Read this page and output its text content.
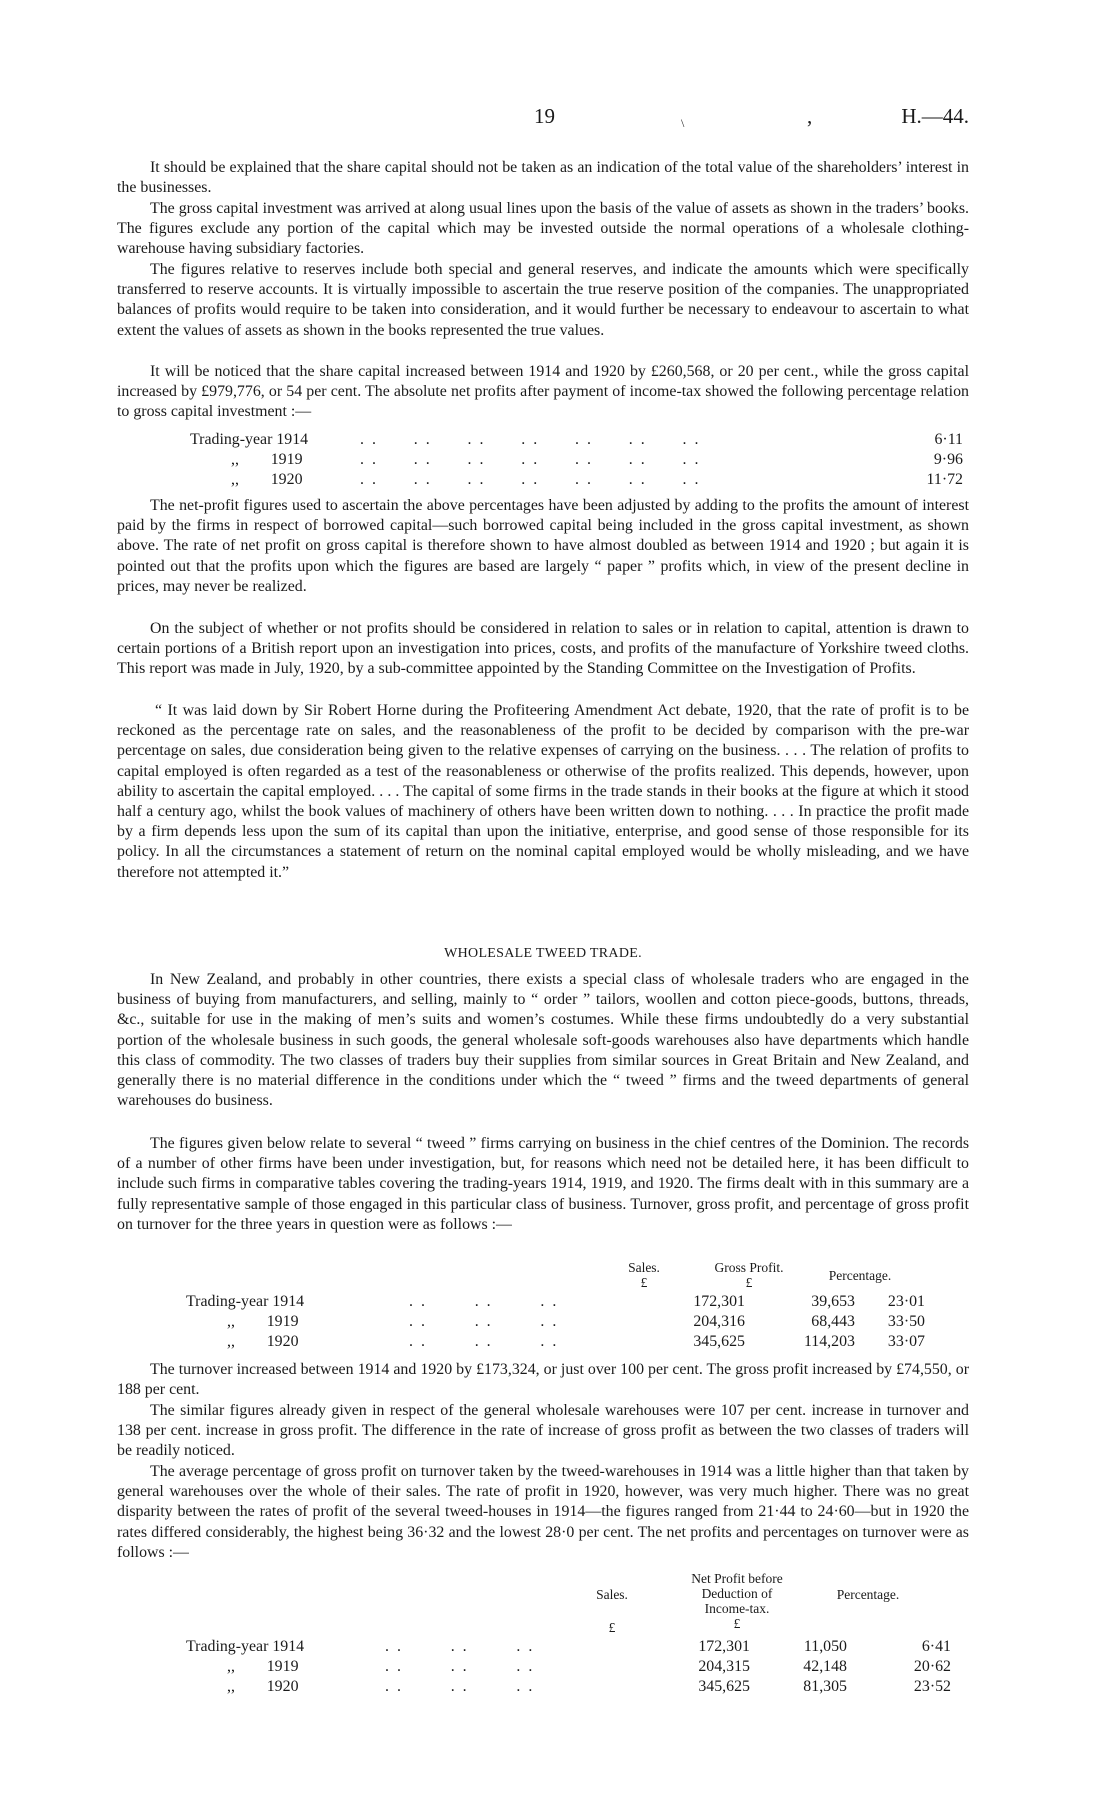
19	\	,	H.—44.

It should be explained that the share capital should not be taken as an indication of the total value of the shareholders’ interest in the businesses.

The gross capital investment was arrived at along usual lines upon the basis of the value of assets as shown in the traders’ books. The figures exclude any portion of the capital which may be invested outside the normal operations of a wholesale clothing-warehouse having subsidiary factories.

The figures relative to reserves include both special and general reserves, and indicate the amounts which were specifically transferred to reserve accounts. It is virtually impossible to ascertain the true reserve position of the companies. The unappropriated balances of profits would require to be taken into consideration, and it would further be necessary to endeavour to ascertain to what extent the values of assets as shown in the books represented the true values.

It will be noticed that the share capital increased between 1914 and 1920 by £260,568, or 20 per cent., while the gross capital increased by £979,776, or 54 per cent. The absolute net profits after payment of income-tax showed the following percentage relation to gross capital investment :—

Trading-year 1914	. .      . .      . .      . .      . .      . .      . .	6·11
,,        1919	. .      . .      . .      . .      . .      . .      . .	9·96
,,        1920	. .      . .      . .      . .      . .      . .      . .	11·72

The net-profit figures used to ascertain the above percentages have been adjusted by adding to the profits the amount of interest paid by the firms in respect of borrowed capital—such borrowed capital being included in the gross capital investment, as shown above. The rate of net profit on gross capital is therefore shown to have almost doubled as between 1914 and 1920 ; but again it is pointed out that the profits upon which the figures are based are largely “ paper ” profits which, in view of the present decline in prices, may never be realized.

On the subject of whether or not profits should be considered in relation to sales or in relation to capital, attention is drawn to certain portions of a British report upon an investigation into prices, costs, and profits of the manufacture of Yorkshire tweed cloths. This report was made in July, 1920, by a sub-committee appointed by the Standing Committee on the Investigation of Profits.

“ It was laid down by Sir Robert Horne during the Profiteering Amendment Act debate, 1920, that the rate of profit is to be reckoned as the percentage rate on sales, and the reasonableness of the profit to be decided by comparison with the pre-war percentage on sales, due consideration being given to the relative expenses of carrying on the business. . . . The relation of profits to capital employed is often regarded as a test of the reasonableness or otherwise of the profits realized. This depends, however, upon ability to ascertain the capital employed. . . . The capital of some firms in the trade stands in their books at the figure at which it stood half a century ago, whilst the book values of machinery of others have been written down to nothing. . . . In practice the profit made by a firm depends less upon the sum of its capital than upon the initiative, enterprise, and good sense of those responsible for its policy. In all the circumstances a statement of return on the nominal capital employed would be wholly misleading, and we have therefore not attempted it.”

WHOLESALE TWEED TRADE.

In New Zealand, and probably in other countries, there exists a special class of wholesale traders who are engaged in the business of buying from manufacturers, and selling, mainly to “ order ” tailors, woollen and cotton piece-goods, buttons, threads, &c., suitable for use in the making of men’s suits and women’s costumes. While these firms undoubtedly do a very substantial portion of the wholesale business in such goods, the general wholesale soft-goods warehouses also have departments which handle this class of commodity. The two classes of traders buy their supplies from similar sources in Great Britain and New Zealand, and generally there is no material difference in the conditions under which the “ tweed ” firms and the tweed departments of general warehouses do business.

The figures given below relate to several “ tweed ” firms carrying on business in the chief centres of the Dominion. The records of a number of other firms have been under investigation, but, for reasons which need not be detailed here, it has been difficult to include such firms in comparative tables covering the trading-years 1914, 1919, and 1920. The firms dealt with in this summary are a fully representative sample of those engaged in this particular class of business. Turnover, gross profit, and percentage of gross profit on turnover for the three years in question were as follows :—

Sales.
£
Gross Profit.
£	Percentage.
Trading-year 1914	. .        . .        . .	172,301	39,653 23·01
,,        1919	. .        . .        . .	204,316	68,443 33·50
,,        1920	. .        . .        . .	345,625	114,203 33·07

The turnover increased between 1914 and 1920 by £173,324, or just over 100 per cent. The gross profit increased by £74,550, or 188 per cent.

The similar figures already given in respect of the general wholesale warehouses were 107 per cent. increase in turnover and 138 per cent. increase in gross profit. The difference in the rate of increase of gross profit as between the two classes of traders will be readily noticed.

The average percentage of gross profit on turnover taken by the tweed-warehouses in 1914 was a little higher than that taken by general warehouses over the whole of their sales. The rate of profit in 1920, however, was very much higher. There was no great disparity between the rates of profit of the several tweed-houses in 1914—the figures ranged from 21·44 to 24·60—but in 1920 the rates differed considerably, the highest being 36·32 and the lowest 28·0 per cent. The net profits and percentages on turnover were as follows :—

Sales.
£
Net Profit before
Deduction of
Income-tax.
£
Percentage.
Trading-year 1914	. .        . .        . .	172,301	11,050	6·41
,,        1919	. .        . .        . .	204,315	42,148	20·62
,,        1920	. .        . .        . .	345,625	81,305	23·52
